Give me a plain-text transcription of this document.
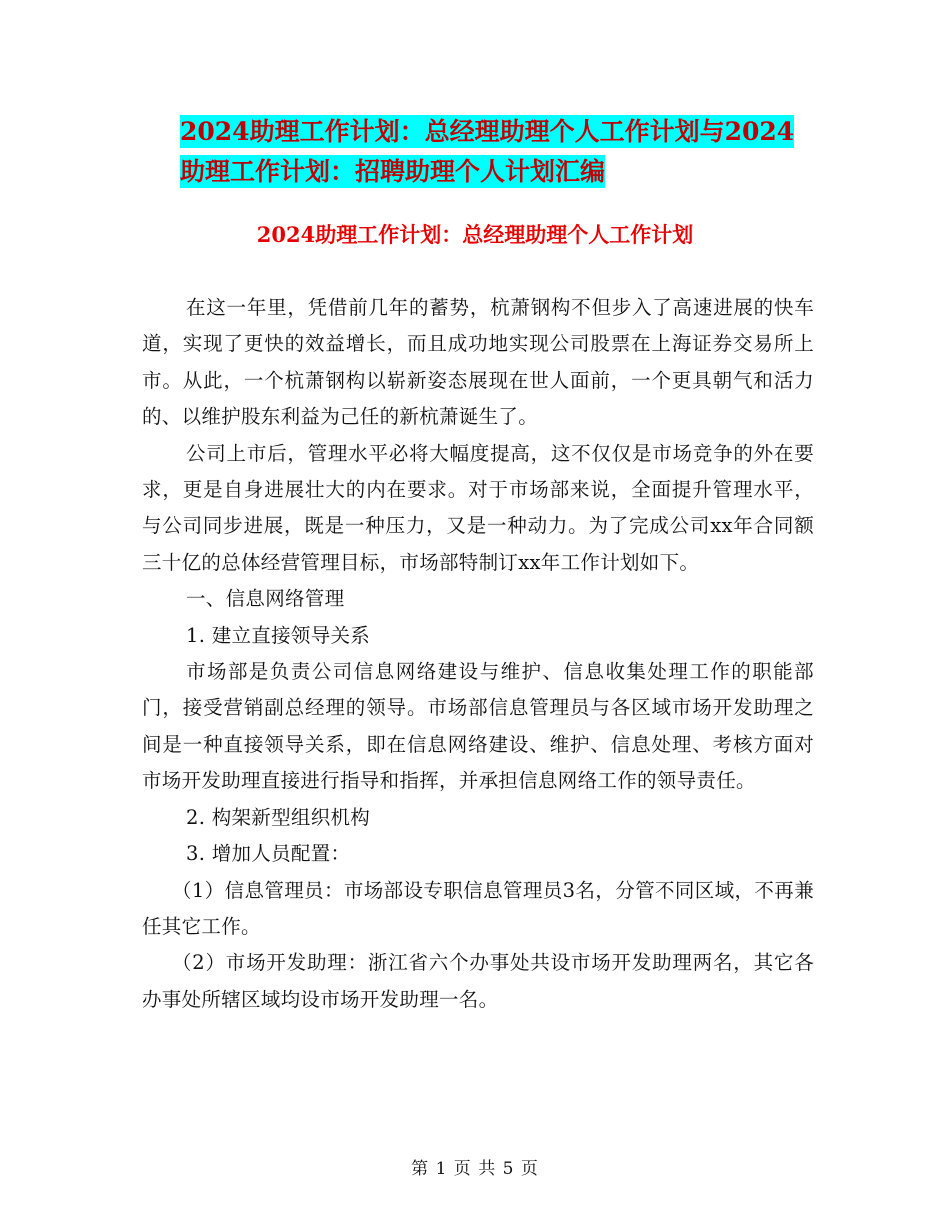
2024助理工作计划：总经理助理个人工作计划与2024
助理工作计划：招聘助理个人计划汇编
2024助理工作计划：总经理助理个人工作计划

在这一年里，凭借前几年的蓄势，杭萧钢构不但步入了高速进展的快车道，实现了更快的效益增长，而且成功地实现公司股票在上海证券交易所上市。从此，一个杭萧钢构以崭新姿态展现在世人面前，一个更具朝气和活力的、以维护股东利益为己任的新杭萧诞生了。

公司上市后，管理水平必将大幅度提高，这不仅仅是市场竞争的外在要求，更是自身进展壮大的内在要求。对于市场部来说，全面提升管理水平，与公司同步进展，既是一种压力，又是一种动力。为了完成公司xx年合同额三十亿的总体经营管理目标，市场部特制订xx年工作计划如下。

一、信息网络管理

1. 建立直接领导关系

市场部是负责公司信息网络建设与维护、信息收集处理工作的职能部门，接受营销副总经理的领导。市场部信息管理员与各区域市场开发助理之间是一种直接领导关系，即在信息网络建设、维护、信息处理、考核方面对市场开发助理直接进行指导和指挥，并承担信息网络工作的领导责任。

2. 构架新型组织机构

3. 增加人员配置：

（1）信息管理员：市场部设专职信息管理员3名，分管不同区域，不再兼任其它工作。

（2）市场开发助理：浙江省六个办事处共设市场开发助理两名，其它各办事处所辖区域均设市场开发助理一名。

第 1 页 共 5 页
